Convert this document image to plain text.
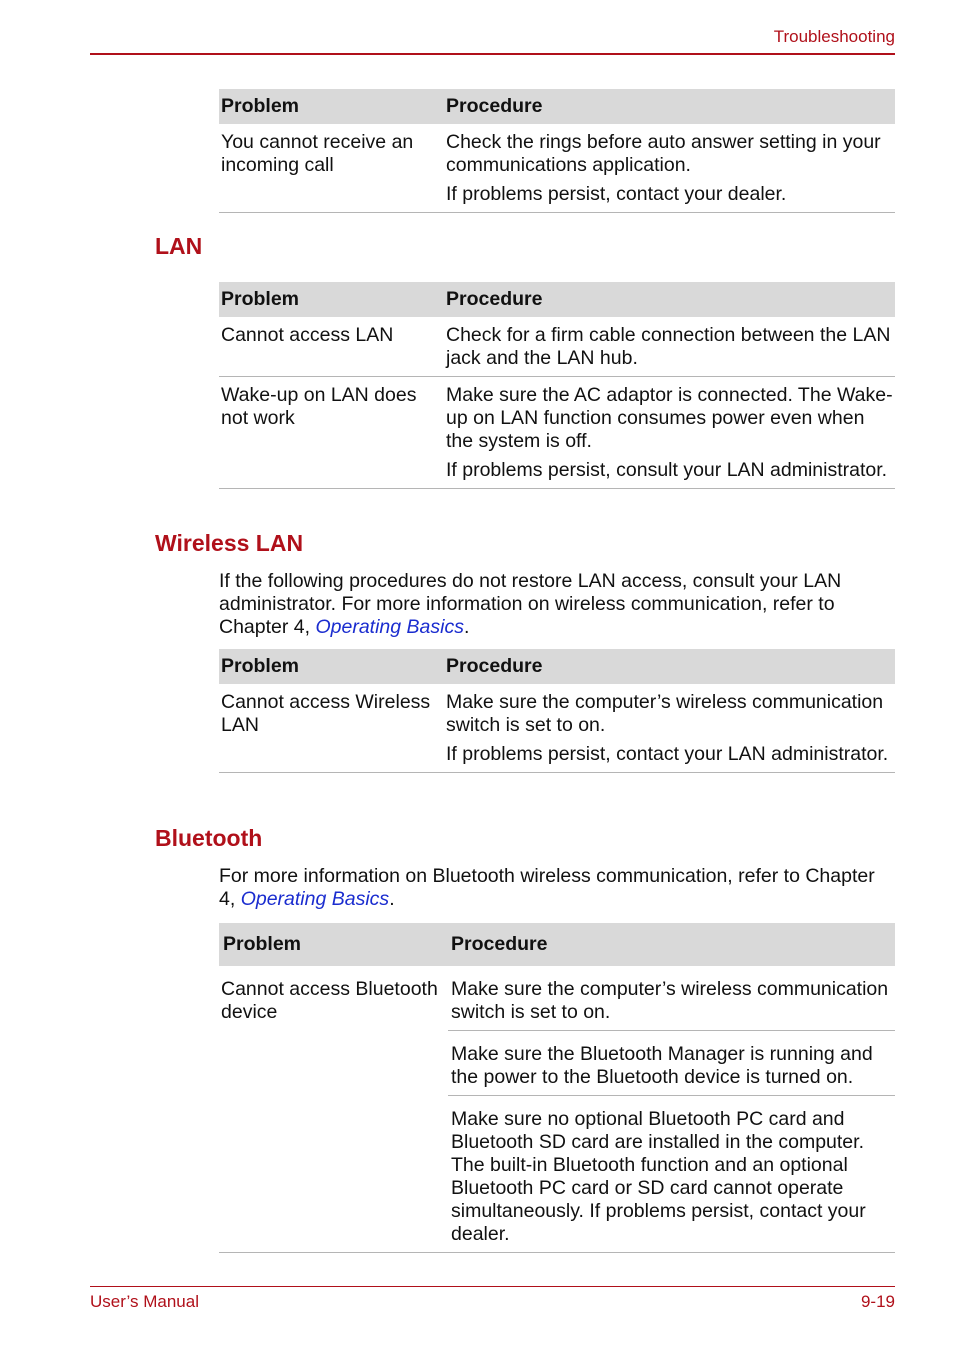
Troubleshooting
Problem	Procedure
You cannot receive an incoming call	Check the rings before auto answer setting in your communications application.

If problems persist, contact your dealer.

LAN
Problem	Procedure
Cannot access LAN	Check for a firm cable connection between the LAN jack and the LAN hub.

Wake-up on LAN does not work	Make sure the AC adaptor is connected. The Wake-up on LAN function consumes power even when the system is off.

If problems persist, consult your LAN administrator.

Wireless LAN
If the following procedures do not restore LAN access, consult your LAN administrator. For more information on wireless communication, refer to Chapter 4, Operating Basics.
Problem	Procedure
Cannot access Wireless LAN	Make sure the computer’s wireless communication switch is set to on.

If problems persist, contact your LAN administrator.

Bluetooth
For more information on Bluetooth wireless communication, refer to Chapter 4, Operating Basics.
Problem	Procedure
Cannot access Bluetooth device	Make sure the computer’s wireless communication switch is set to on.

	Make sure the Bluetooth Manager is running and the power to the Bluetooth device is turned on.

	Make sure no optional Bluetooth PC card and Bluetooth SD card are installed in the computer. The built-in Bluetooth function and an optional Bluetooth PC card or SD card cannot operate simultaneously. If problems persist, contact your dealer.

User’s Manual	9-19
